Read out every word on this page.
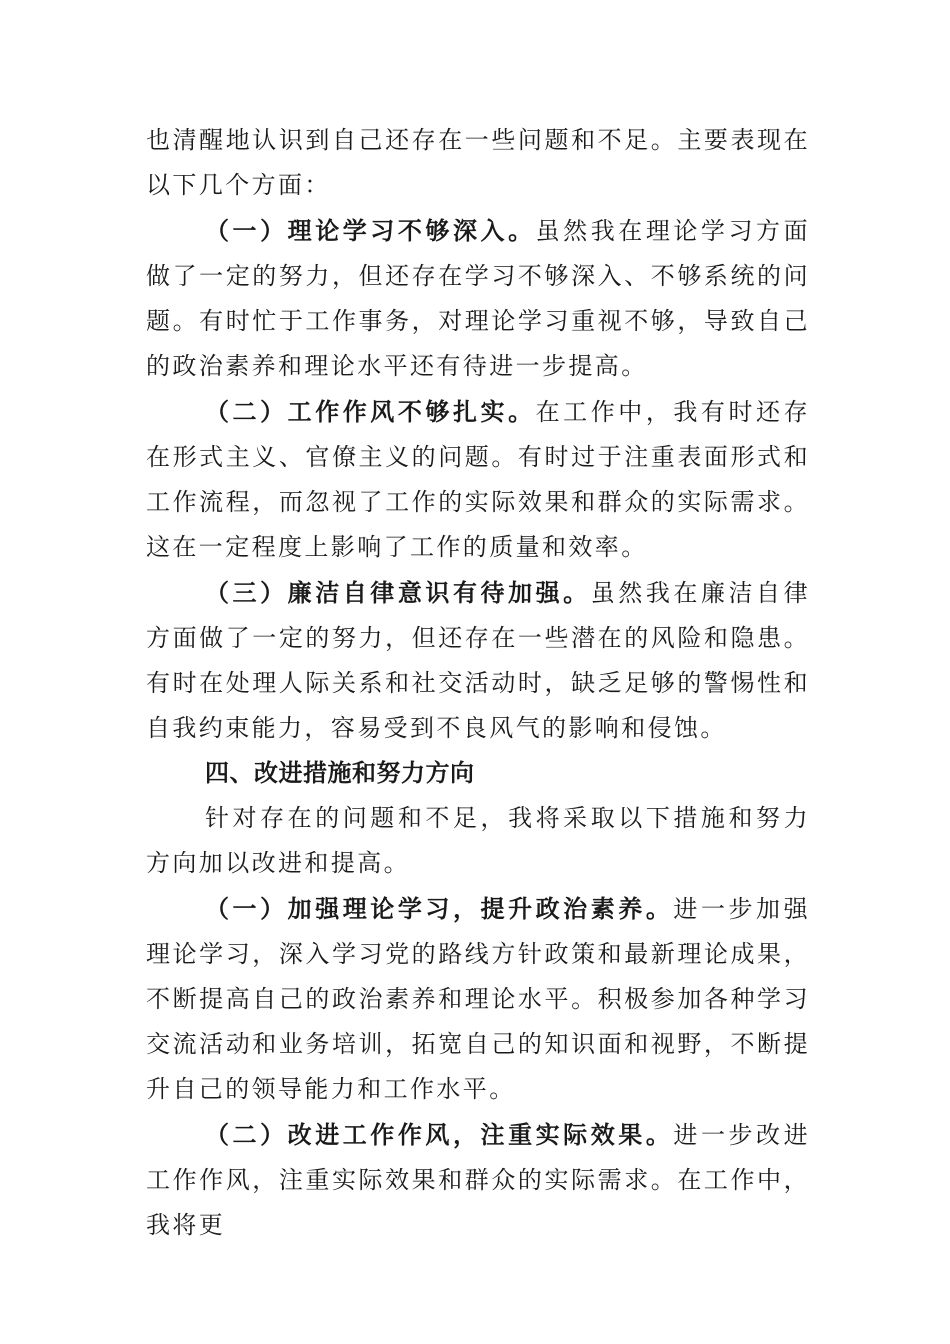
也清醒地认识到自己还存在一些问题和不足。主要表现在以下几个方面：

（一）理论学习不够深入。虽然我在理论学习方面做了一定的努力，但还存在学习不够深入、不够系统的问题。有时忙于工作事务，对理论学习重视不够，导致自己的政治素养和理论水平还有待进一步提高。

（二）工作作风不够扎实。在工作中，我有时还存在形式主义、官僚主义的问题。有时过于注重表面形式和工作流程，而忽视了工作的实际效果和群众的实际需求。这在一定程度上影响了工作的质量和效率。

（三）廉洁自律意识有待加强。虽然我在廉洁自律方面做了一定的努力，但还存在一些潜在的风险和隐患。有时在处理人际关系和社交活动时，缺乏足够的警惕性和自我约束能力，容易受到不良风气的影响和侵蚀。

四、改进措施和努力方向

针对存在的问题和不足，我将采取以下措施和努力方向加以改进和提高。

（一）加强理论学习，提升政治素养。进一步加强理论学习，深入学习党的路线方针政策和最新理论成果，不断提高自己的政治素养和理论水平。积极参加各种学习交流活动和业务培训，拓宽自己的知识面和视野，不断提升自己的领导能力和工作水平。

（二）改进工作作风，注重实际效果。进一步改进工作作风，注重实际效果和群众的实际需求。在工作中，我将更
